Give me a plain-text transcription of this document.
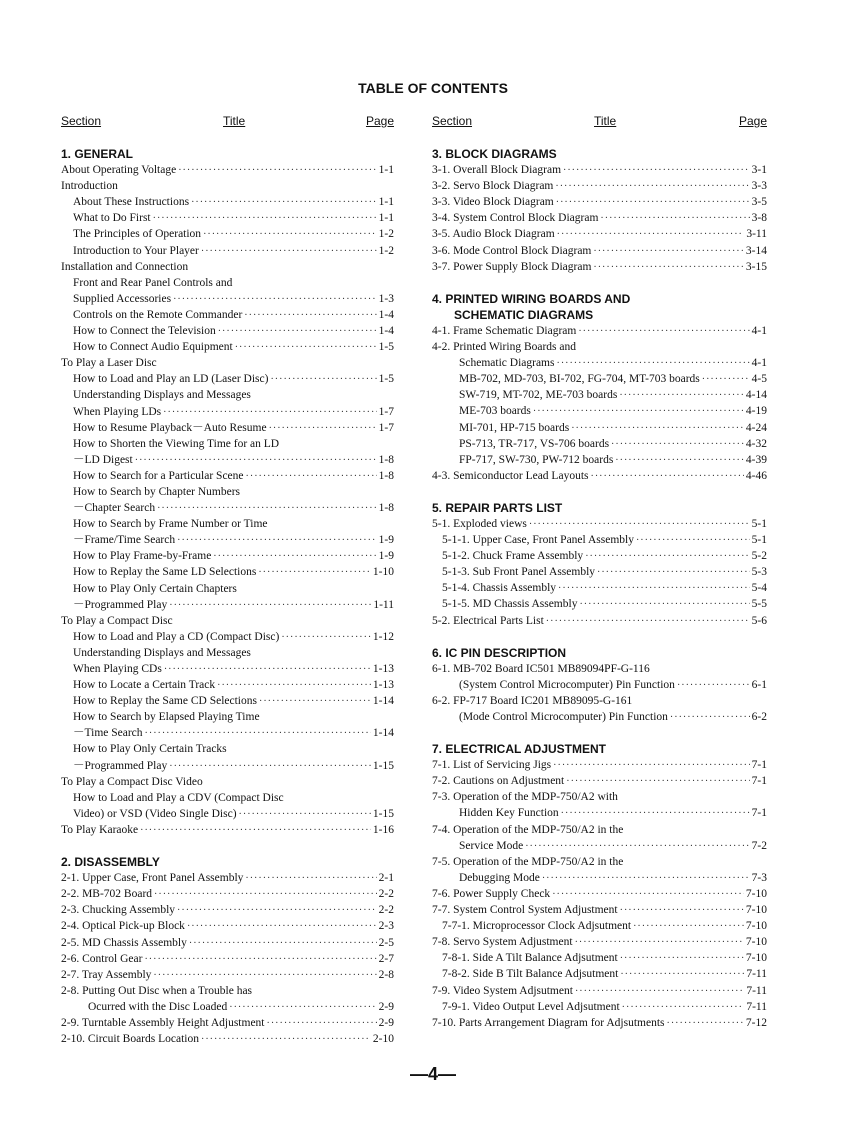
TABLE OF CONTENTS
Section	Title	Page
1. GENERAL
About Operating Voltage ·····	1-1
Introduction
About These Instructions ·····	1-1
What to Do First ·····	1-1
The Principles of Operation ·····	1-2
Introduction to Your Player ·····	1-2
Installation and Connection
Front and Rear Panel Controls and
Supplied Accessories ·····	1-3
Controls on the Remote Commander ·····	1-4
How to Connect the Television ·····	1-4
How to Connect Audio Equipment ·····	1-5
To Play a Laser Disc
How to Load and Play an LD (Laser Disc) ·····	1-5
Understanding Displays and Messages
When Playing LDs ·····	1-7
How to Resume Playback－Auto Resume ·····	1-7
How to Shorten the Viewing Time for an LD
－LD Digest ·····	1-8
How to Search for a Particular Scene ·····	1-8
How to Search by Chapter Numbers
－Chapter Search ·····	1-8
How to Search by Frame Number or Time
－Frame/Time Search ·····	1-9
How to Play Frame-by-Frame ·····	1-9
How to Replay the Same LD Selections ·····	1-10
How to Play Only Certain Chapters
－Programmed Play ·····	1-11
To Play a Compact Disc
How to Load and Play a CD (Compact Disc) ·····	1-12
Understanding Displays and Messages
When Playing CDs ·····	1-13
How to Locate a Certain Track ·····	1-13
How to Replay the Same CD Selections ·····	1-14
How to Search by Elapsed Playing Time
－Time Search ·····	1-14
How to Play Only Certain Tracks
－Programmed Play ·····	1-15
To Play a Compact Disc Video
How to Load and Play a CDV (Compact Disc
Video) or VSD (Video Single Disc) ·····	1-15
To Play Karaoke ·····	1-16
2. DISASSEMBLY
2-1. Upper Case, Front Panel Assembly ·····	2-1
2-2. MB-702 Board ·····	2-2
2-3. Chucking Assembly ·····	2-2
2-4. Optical Pick-up Block ·····	2-3
2-5. MD Chassis Assembly ·····	2-5
2-6. Control Gear ·····	2-7
2-7. Tray Assembly ·····	2-8
2-8. Putting Out Disc when a Trouble has
Ocurred with the Disc Loaded ·····	2-9
2-9. Turntable Assembly Height Adjustment ·····	2-9
2-10. Circuit Boards Location ·····	2-10
Section	Title	Page
3. BLOCK DIAGRAMS
3-1. Overall Block Diagram ·····	3-1
3-2. Servo Block Diagram ·····	3-3
3-3. Video Block Diagram ·····	3-5
3-4. System Control Block Diagram ·····	3-8
3-5. Audio Block Diagram ·····	3-11
3-6. Mode Control Block Diagram ·····	3-14
3-7. Power Supply Block Diagram ·····	3-15
4. PRINTED WIRING BOARDS AND
SCHEMATIC DIAGRAMS
4-1. Frame Schematic Diagram ·····	4-1
4-2. Printed Wiring Boards and
Schematic Diagrams ·····	4-1
MB-702, MD-703, BI-702, FG-704, MT-703 boards ·····	4-5
SW-719, MT-702, ME-703 boards ·····	4-14
ME-703 boards ·····	4-19
MI-701, HP-715 boards ·····	4-24
PS-713, TR-717, VS-706 boards ·····	4-32
FP-717, SW-730, PW-712 boards ·····	4-39
4-3. Semiconductor Lead Layouts ·····	4-46
5. REPAIR PARTS LIST
5-1. Exploded views ·····	5-1
5-1-1. Upper Case, Front Panel Assembly ·····	5-1
5-1-2. Chuck Frame Assembly ·····	5-2
5-1-3. Sub Front Panel Assembly ·····	5-3
5-1-4. Chassis Assembly ·····	5-4
5-1-5. MD Chassis Assembly ·····	5-5
5-2. Electrical Parts List ·····	5-6
6. IC PIN DESCRIPTION
6-1. MB-702 Board IC501 MB89094PF-G-116
(System Control Microcomputer) Pin Function ·····	6-1
6-2. FP-717 Board IC201 MB89095-G-161
(Mode Control Microcomputer) Pin Function ·····	6-2
7. ELECTRICAL ADJUSTMENT
7-1. List of Servicing Jigs ·····	7-1
7-2. Cautions on Adjustment ·····	7-1
7-3. Operation of the MDP-750/A2 with
Hidden Key Function ·····	7-1
7-4. Operation of the MDP-750/A2 in the
Service Mode ·····	7-2
7-5. Operation of the MDP-750/A2 in the
Debugging Mode ·····	7-3
7-6. Power Supply Check ·····	7-10
7-7. System Control System Adjustment ·····	7-10
7-7-1. Microprocessor Clock Adjsutment ·····	7-10
7-8. Servo System Adjustment ·····	7-10
7-8-1. Side A Tilt Balance Adjsutment ·····	7-10
7-8-2. Side B Tilt Balance Adjsutment ·····	7-11
7-9. Video System Adjsutment ·····	7-11
7-9-1. Video Output Level Adjsutment ·····	7-11
7-10. Parts Arrangement Diagram for Adjsutments ·····	7-12
—4—
